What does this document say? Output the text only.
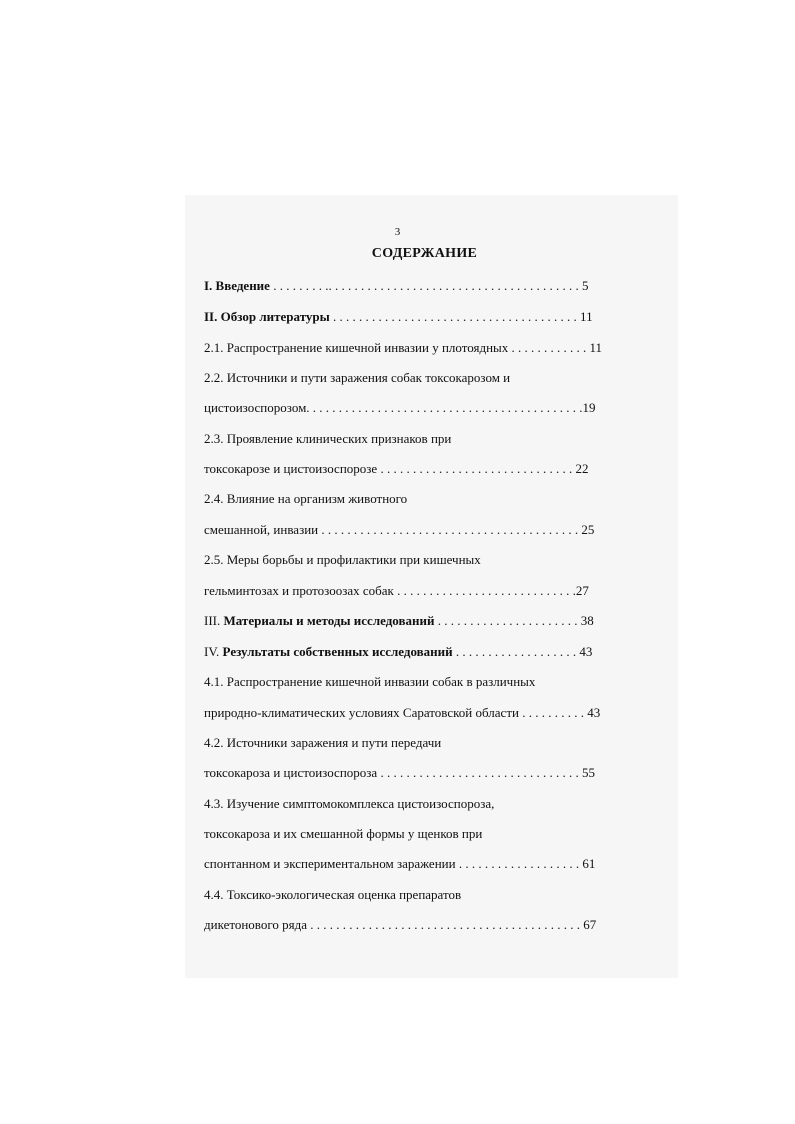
3
СОДЕРЖАНИЕ
I. Введение . . . . . . . . .. . . . . . . . . . . . . . . . . . . . . . . . . . . . . . . . . . . . . . . 5
II. Обзор литературы . . . . . . . . . . . . . . . . . . . . . . . . . . . . . . . . . . . . . . 11
2.1. Распространение кишечной инвазии у плотоядных . . . . . . . . . . . . 11
2.2. Источники и пути заражения собак токсокарозом и
цистоизоспорозом. . . . . . . . . . . . . . . . . . . . . . . . . . . . . . . . . . . . . . . . . . .19
2.3. Проявление клинических признаков при
токсокарозе и цистоизоспорозе . . . . . . . . . . . . . . . . . . . . . . . . . . . . . . 22
2.4. Влияние на организм животного
смешанной, инвазии . . . . . . . . . . . . . . . . . . . . . . . . . . . . . . . . . . . . . . . . 25
2.5. Меры борьбы и профилактики при кишечных
гельминтозах и протозоозах собак . . . . . . . . . . . . . . . . . . . . . . . . . . . .27
III. Материалы и методы исследований . . . . . . . . . . . . . . . . . . . . . . 38
IV. Результаты собственных исследований . . . . . . . . . . . . . . . . . . . 43
4.1. Распространение кишечной инвазии собак в различных
природно-климатических условиях Саратовской области . . . . . . . . . . 43
4.2. Источники заражения и пути передачи
токсокароза и цистоизоспороза . . . . . . . . . . . . . . . . . . . . . . . . . . . . . . . 55
4.3. Изучение симптомокомплекса цистоизоспороза,
токсокароза и их смешанной формы у щенков при
спонтанном и экспериментальном заражении . . . . . . . . . . . . . . . . . . . 61
4.4. Токсико-экологическая оценка препаратов
дикетонового ряда . . . . . . . . . . . . . . . . . . . . . . . . . . . . . . . . . . . . . . . . . . 67
